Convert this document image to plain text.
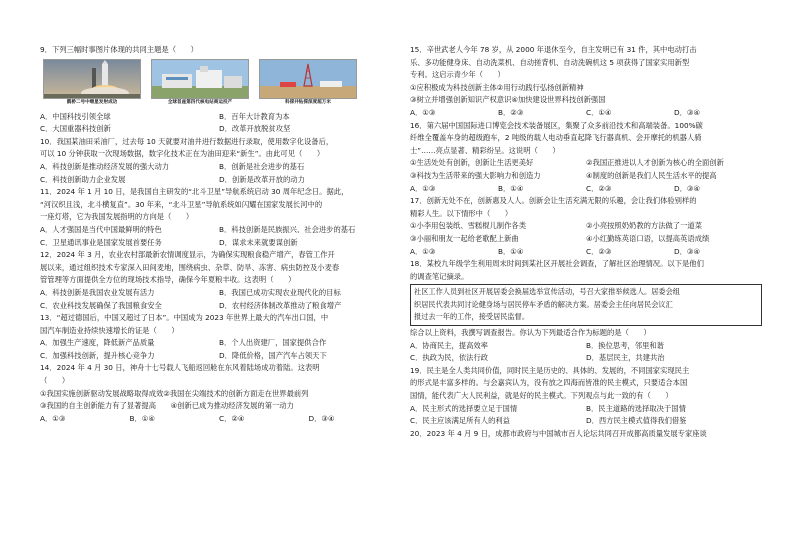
9．下列三幅时事图片体现的共同主题是（　　）
鹊桥二号中继星发射成功	全球首座第四代核电站商运投产	科探井钻探深度超万米
A．中国科技引领全球	B．百年大计教育为本
C．大国重器科技创新	D．改革开放脱贫攻坚
10．我国某油田采油厂，过去每 10 天就要对油井进行数据进行录取，使用数字化设备后，
可以 10 分钟获取一次现场数据，数字化技术正在为油田迎来“新生”。由此可见（　　）
A．科技创新是推动经济发展的强大动力	B．创新是社会进步的基石
C．科技创新助力企业发展	D．创新是改革开放的动力
11．2024 年 1 月 10 日，是我国自主研发的“北斗卫星”导航系统启动 30 周年纪念日。据此，
“河汉织且浅，北斗横复直”。30 年来，“北斗卫星”导航系统如闪耀在国家发展长河中的
一座灯塔，它为我国发展指明的方向是（　　）
A．人才强国是当代中国最鲜明的特色	B．科技创新是民族振兴、社会进步的基石
C．卫星通讯事业是国家发展首要任务	D．谋求未来就要谋创新
12．2024 年 3 月，农业农村部最新农情调度显示，为确保实现粮食稳产增产，春管工作开
展以来，通过组织技术专家深入田间麦地，围绕病虫、杂草、防旱、冻害、病虫防控及小麦春
管管理等方面提供全方位的现场技术指导，确保今年夏粮丰收。这表明（　　）
A．科技创新是我国农业发展有活力	B．我国已成功实现农业现代化的目标
C．农业科技发展确保了我国粮食安全	D．农村经济体制改革推动了粮食增产
13．“超过德国后，中国又超过了日本”。中国成为 2023 年世界上最大的汽车出口国，中
国汽车制造业持续快速增长的证是（　　）
A．加强生产速度，降低新产品质量	B．个人出资建厂，国家提供合作
C．加强科技创新，提升核心竞争力	D．降低价格，国产汽车占领天下
14．2024 年 4 月 30 日，神舟十七号载人飞船返回舱在东风着陆场成功着陆。这表明
（　　）
①我国实施创新驱动发展战略取得成效②我国在尖端技术的创新方面走在世界最前列
③我国的自主创新能力有了显著提高　　④创新已成为推动经济发展的第一动力
A．①③	B．①④	C．②④	D．③④
15．辛世武老人今年 78 岁，从 2000 年退休至今，自主发明已有 31 件，其中电动打击
乐、多功能健身床、自动洗菜机、自动搓背机、自动洗碗机这 5 项获得了国家实用新型
专利。这启示青少年（　　）
①应积极成为科技创新主体②用行动践行弘扬创新精神
③树立并增强创新知识产权意识④加快建设世界科技创新强国
A．①③	B．②③	C．①④	D．③④
16．第六届中国国际进口博览会技术装备展区，集聚了众多前沿技术和高端装备。100%碳
纤维全覆盖车身的超级跑车，2 吨级的载人电动垂直起降飞行器真机、会开摩托的机器人骑
士”……亮点显著、精彩纷呈。这说明（　　）
①生活处处有创新，创新让生活更美好	②我国正推进以人才创新为核心的全面创新
③科技为生活带来的强大影响力和创造力	④制度的创新是我们人民生活水平的提高
A．①③	B．①④	C．②③	D．③④
17．创新无处不在，创新惠及人人。创新会让生活充满无限的乐趣，会让我们体验别样的
精彩人生。以下情形中（　　）
①小李用包装纸、雪糕棍儿制作各类	②小亮按照奶奶教的方法做了一道菜
③小丽和朋友一起给老歌配上新曲	④小红勤练英语口语，以提高英语成绩
A．①③	B．①④	C．②③	D．③④
18．某校九年级学生利用周末时间到某社区开展社会调查，了解社区治理情况。以下是他们
的调查笔记摘录。
社区工作人员到社区开展居委会换届选举宣传活动，号召大家推举候选人。居委会组
织居民代表共同讨论健身场与居民停车矛盾的解决方案。居委会主任向居民会议汇
报过去一年的工作，接受居民监督。
综合以上资料，我撰写调查报告。你认为下列最适合作为标题的是（　　）
A．协商民主，提高效率	B．换位思考，邻里和谐
C．执政为民，依法行政	D．基层民主，共建共治
19．民主是全人类共同价值，同时民主是历史的、具体的、发展的，不同国家实现民主
的形式是丰富多样的。与会嘉宾认为，没有放之四海而皆准的民主模式，只要适合本国
国情，能代表广大人民利益，就是好的民主模式。下列观点与此一致的有（　　）
A．民主形式的选择要立足于国情	B．民主道路的选择取决于国情
C．民主应该满足所有人的利益	D．西方民主模式值得我们借鉴
20．2023 年 4 月 9 日，成都市政府与中国城市百人论坛共同召开成都高质量发展专家座谈
